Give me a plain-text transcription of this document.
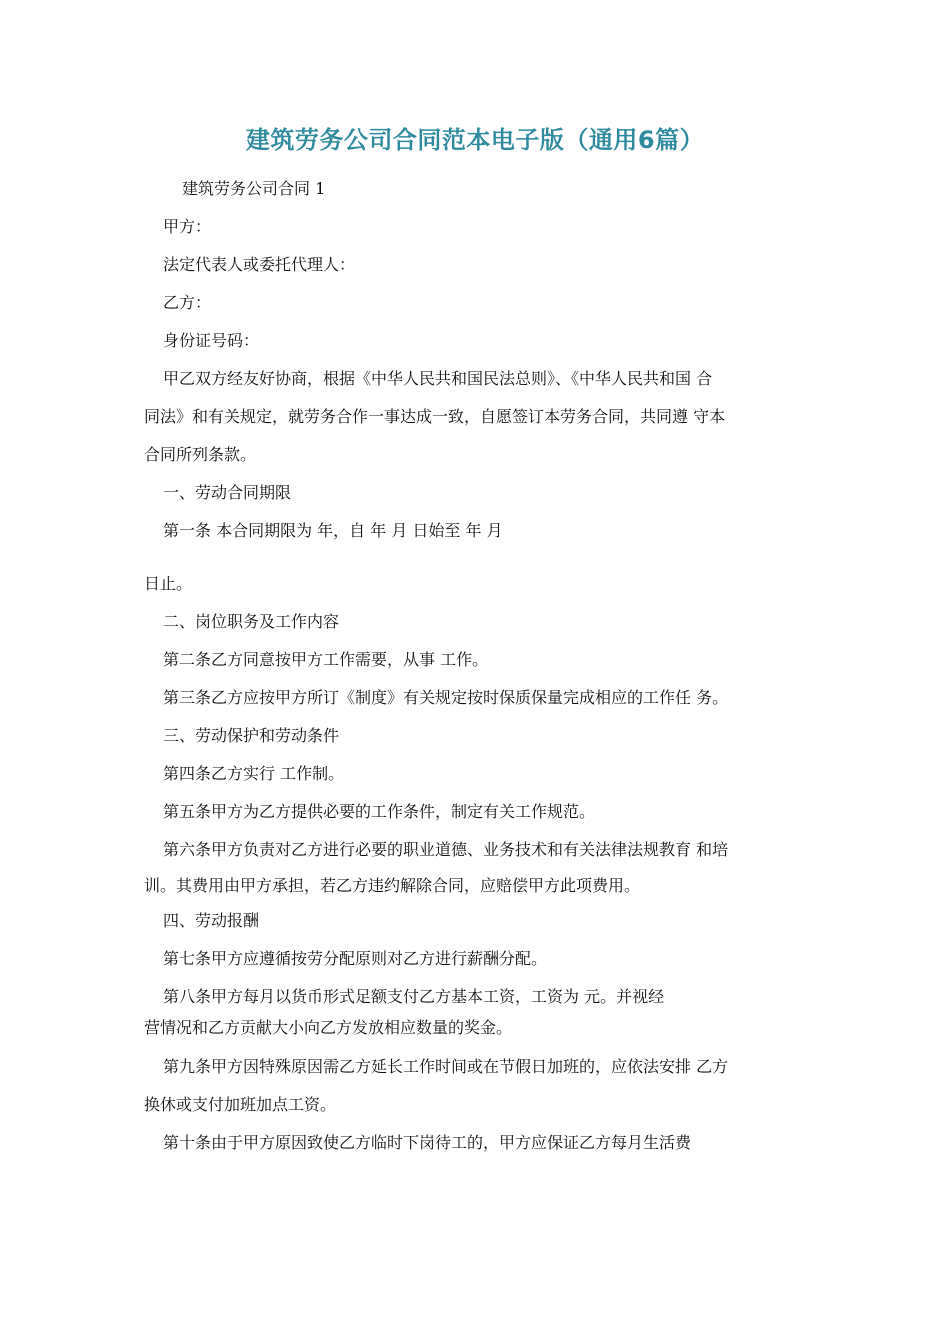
建筑劳务公司合同范本电子版（通用6篇）
建筑劳务公司合同 1
甲方：
法定代表人或委托代理人：
乙方：
身份证号码：
甲乙双方经友好协商，根据《中华人民共和国民法总则》、《中华人民共和国 合
同法》和有关规定，就劳务合作一事达成一致，自愿签订本劳务合同，共同遵 守本
合同所列条款。
一、劳动合同期限
第一条 本合同期限为 年，自 年 月 日始至 年 月
日止。
二、岗位职务及工作内容
第二条乙方同意按甲方工作需要，从事 工作。
第三条乙方应按甲方所订《制度》有关规定按时保质保量完成相应的工作任 务。
三、劳动保护和劳动条件
第四条乙方实行 工作制。
第五条甲方为乙方提供必要的工作条件，制定有关工作规范。
第六条甲方负责对乙方进行必要的职业道德、业务技术和有关法律法规教育 和培
训。其费用由甲方承担，若乙方违约解除合同，应赔偿甲方此项费用。
四、劳动报酬
第七条甲方应遵循按劳分配原则对乙方进行薪酬分配。
第八条甲方每月以货币形式足额支付乙方基本工资，工资为 元。并视经
营情况和乙方贡献大小向乙方发放相应数量的奖金。
第九条甲方因特殊原因需乙方延长工作时间或在节假日加班的，应依法安排 乙方
换休或支付加班加点工资。
第十条由于甲方原因致使乙方临时下岗待工的，甲方应保证乙方每月生活费
